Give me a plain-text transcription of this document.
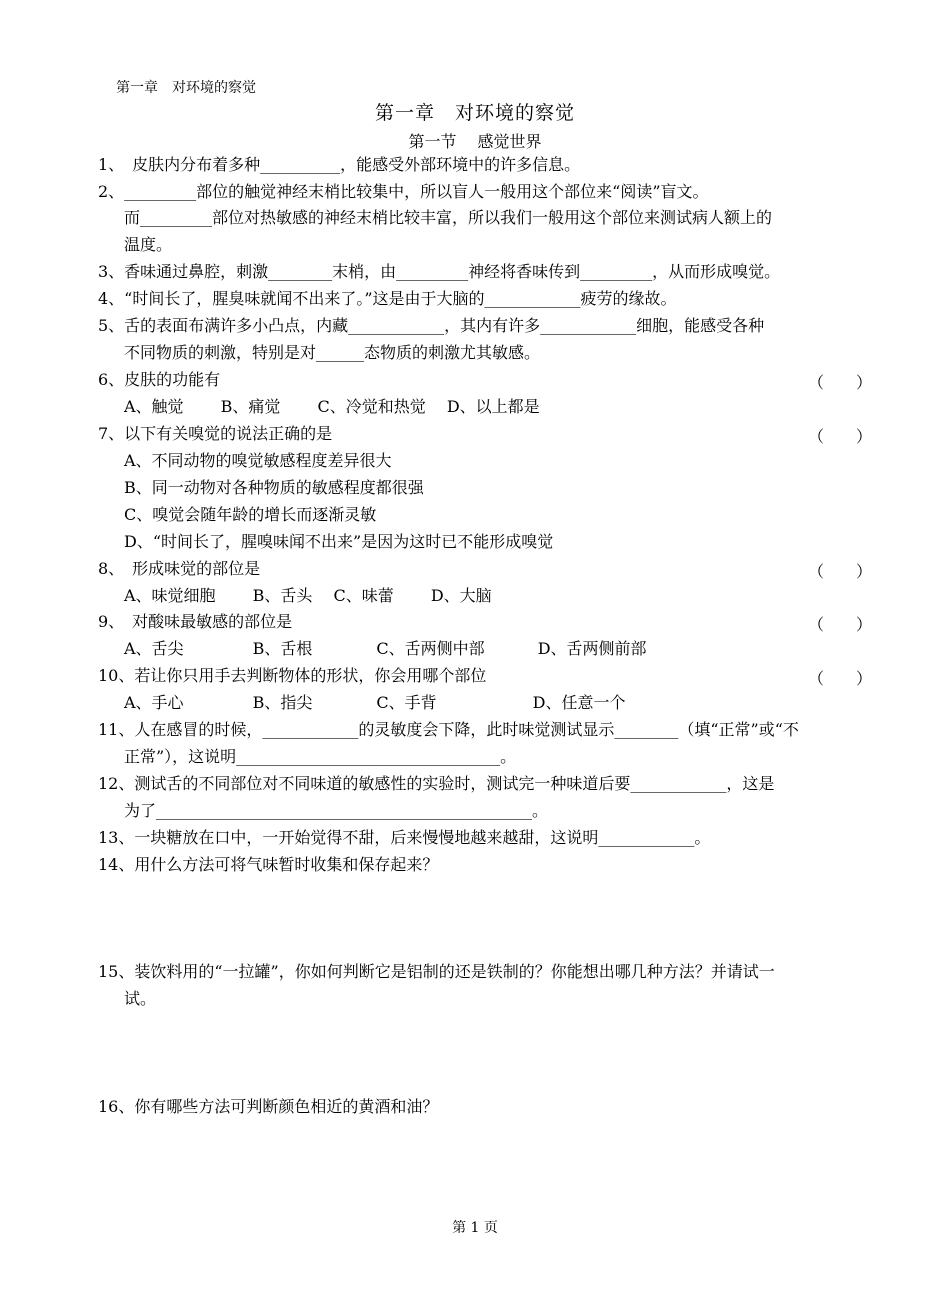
第一章　对环境的察觉
第一章　对环境的察觉
第一节　 感觉世界
1、　皮肤内分布着多种__________，能感受外部环境中的许多信息。
2、_________部位的触觉神经末梢比较集中，所以盲人一般用这个部位来“阅读”盲文。
而_________部位对热敏感的神经末梢比较丰富，所以我们一般用这个部位来测试病人额上的
温度。
3、香味通过鼻腔，刺激________末梢，由_________神经将香味传到_________，从而形成嗅觉。
4、“时间长了，腥臭味就闻不出来了。”这是由于大脑的____________疲劳的缘故。
5、舌的表面布满许多小凸点，内藏____________，其内有许多____________细胞，能感受各种
不同物质的刺激，特别是对______态物质的刺激尤其敏感。
6、皮肤的功能有	（　　）
A、触觉　　 B、痛觉　　 C、冷觉和热觉　 D、以上都是
7、以下有关嗅觉的说法正确的是	（　　）
A、不同动物的嗅觉敏感程度差异很大
B、同一动物对各种物质的敏感程度都很强
C、嗅觉会随年龄的增长而逐渐灵敏
D、“时间长了，腥嗅味闻不出来”是因为这时已不能形成嗅觉
8、　形成味觉的部位是	（　　）
A、味觉细胞　　 B、舌头　 C、味蕾　　 D、大脑
9、　对酸味最敏感的部位是	（　　）
A、舌尖　　　　 B、舌根　　　　C、舌两侧中部　　　 D、舌两侧前部
10、若让你只用手去判断物体的形状，你会用哪个部位	（　　）
A、手心　　　　 B、指尖　　　　C、手背　　　　　　D、任意一个
11、人在感冒的时候，____________的灵敏度会下降，此时味觉测试显示________（填“正常”或“不
正常”），这说明_________________________________。
12、测试舌的不同部位对不同味道的敏感性的实验时，测试完一种味道后要____________，这是
为了_______________________________________________。
13、一块糖放在口中，一开始觉得不甜，后来慢慢地越来越甜，这说明____________。
14、用什么方法可将气味暂时收集和保存起来？
15、装饮料用的“一拉罐”，你如何判断它是铝制的还是铁制的？你能想出哪几种方法？并请试一
试。
16、你有哪些方法可判断颜色相近的黄酒和油？
第 1 页
